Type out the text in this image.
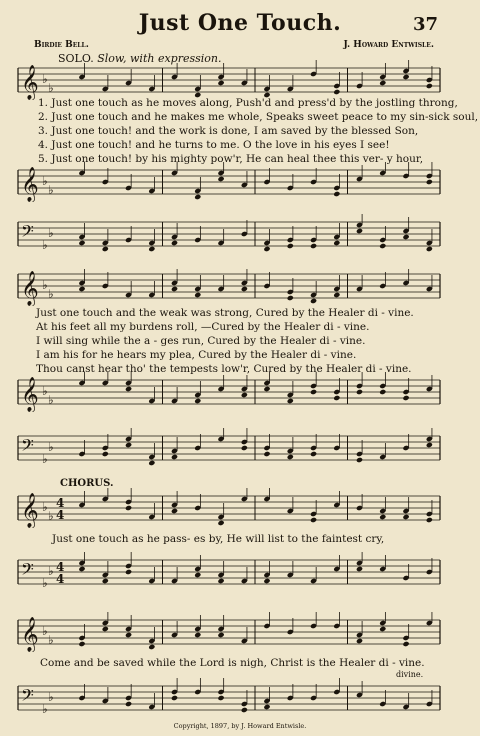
Just One Touch.	37
Birdie Bell.	J. Howard Entwisle.
SOLO. Slow, with expression.
𝄞 ♭
♭
1. Just one touch as he moves along, Push'd and press'd by the jostling throng,
2. Just one touch and he makes me whole, Speaks sweet peace to my sin-sick soul,
3. Just one touch! and the work is done, I am saved by the blessed Son,
4. Just one touch! and he turns to me. O the love in his eyes I see!
5. Just one touch! by his mighty pow'r, He can heal thee this ver- y hour,
𝄞 ♭
♭
𝄢 ♭
♭
𝄞 ♭
♭
Just one touch and the weak was strong, Cured by the Healer di - vine.
At his feet all my burdens roll, —Cured by the Healer di - vine.
I will sing while the a - ges run, Cured by the Healer di - vine.
I am his for he hears my plea, Cured by the Healer di - vine.
Thou canst hear tho' the tempests low'r, Cured by the Healer di - vine.
𝄞 ♭
♭
𝄢 ♭
♭
CHORUS.
𝄞 ♭
♭
4
4
Just one touch as he pass- es by, He will list to the faintest cry,
𝄢 ♭
♭ 4
4
𝄞 ♭
♭
Come and be saved while the Lord is nigh, Christ is the Healer di - vine.
divine.
𝄢 ♭
♭
Copyright, 1897, by J. Howard Entwisle.
